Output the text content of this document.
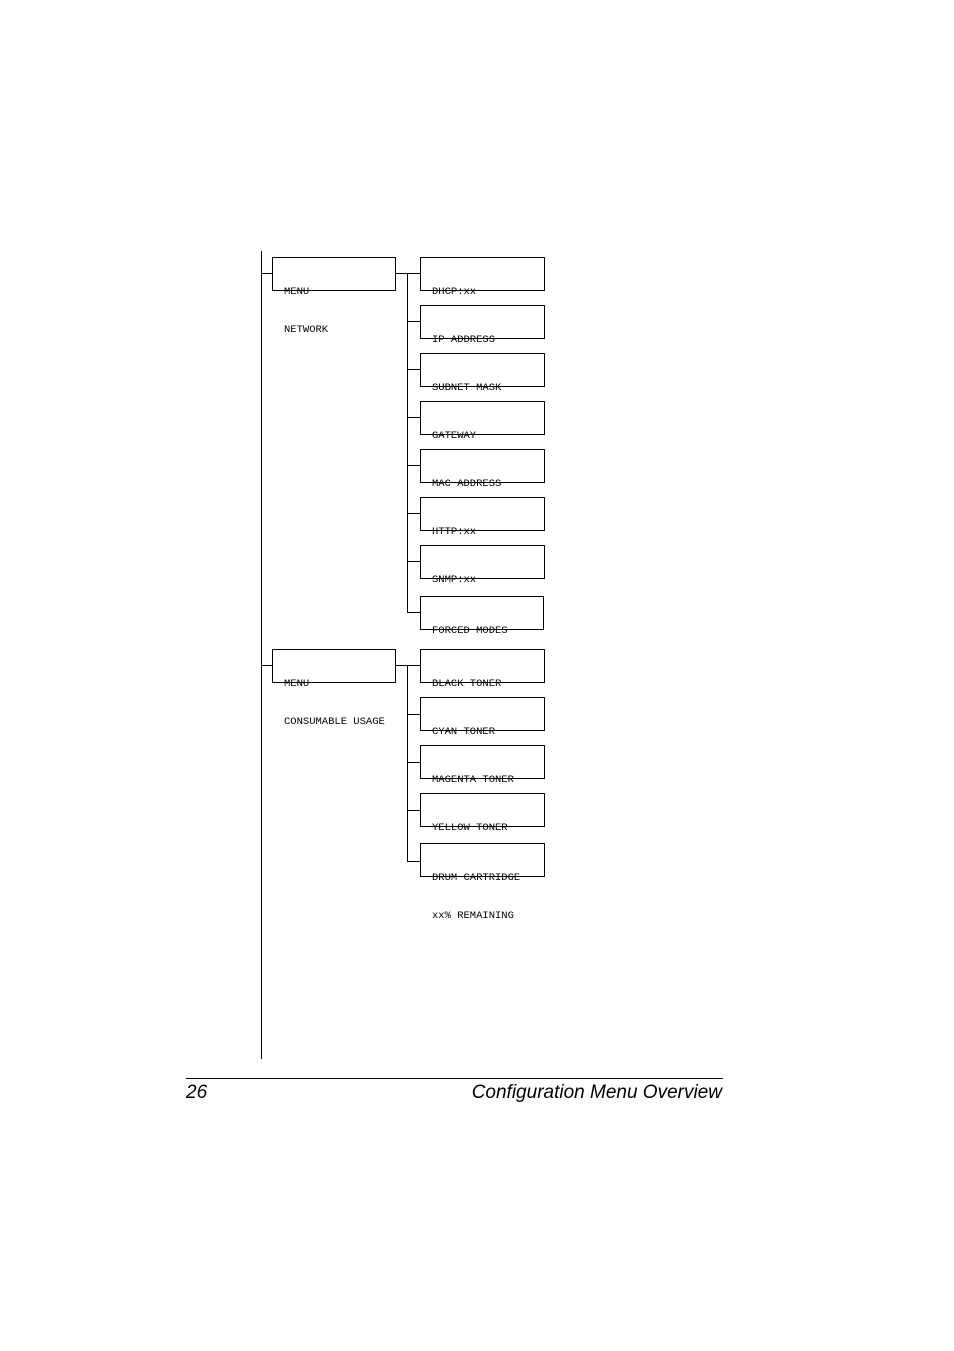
MENU

NETWORK

DHCP:xx

IP ADDRESS

SUBNET MASK

GATEWAY

MAC ADDRESS

HTTP:xx

SNMP:xx

FORCED MODES

MENU

CONSUMABLE USAGE

BLACK TONER

CYAN TONER

MAGENTA TONER

YELLOW TONER

DRUM CARTRIDGE

xx% REMAINING

26	Configuration Menu Overview
